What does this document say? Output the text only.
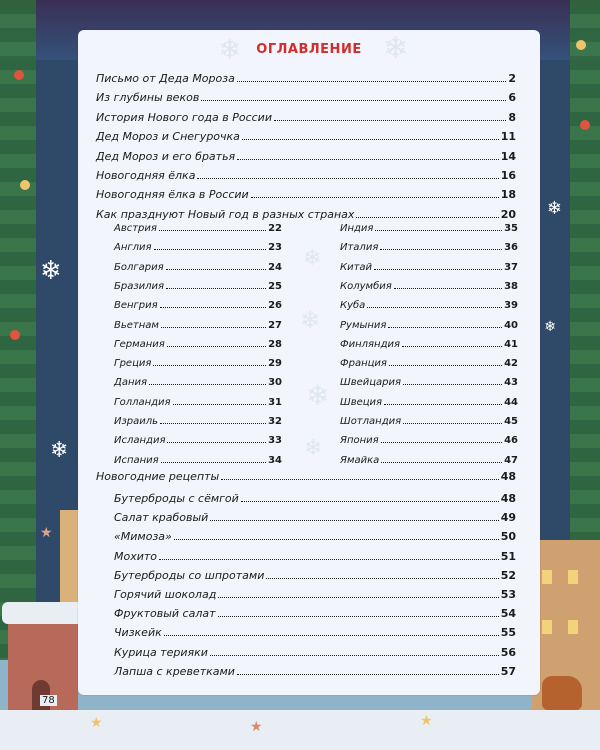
❄
❄
❄
❄
★	★	★
★
❄	❄
❄
❄
❄
❄
ОГЛАВЛЕНИЕ
Письмо от Деда Мороза	2
Из глубины веков	6
История Нового года в России	8
Дед Мороз и Снегурочка	11
Дед Мороз и его братья	14
Новогодняя ёлка	16
Новогодняя ёлка в России	18
Как празднуют Новый год в разных странах	20
Австрия	22
Англия	23
Болгария	24
Бразилия	25
Венгрия	26
Вьетнам	27
Германия	28
Греция	29
Дания	30
Голландия	31
Израиль	32
Исландия	33
Испания	34
Индия	35
Италия	36
Китай	37
Колумбия	38
Куба	39
Румыния	40
Финляндия	41
Франция	42
Швейцария	43
Швеция	44
Шотландия	45
Япония	46
Ямайка	47
Новогодние рецепты	48
Бутерброды с сёмгой	48
Салат крабовый	49
«Мимоза»	50
Мохито	51
Бутерброды со шпротами	52
Горячий шоколад	53
Фруктовый салат	54
Чизкейк	55
Курица терияки	56
Лапша с креветками	57
78
